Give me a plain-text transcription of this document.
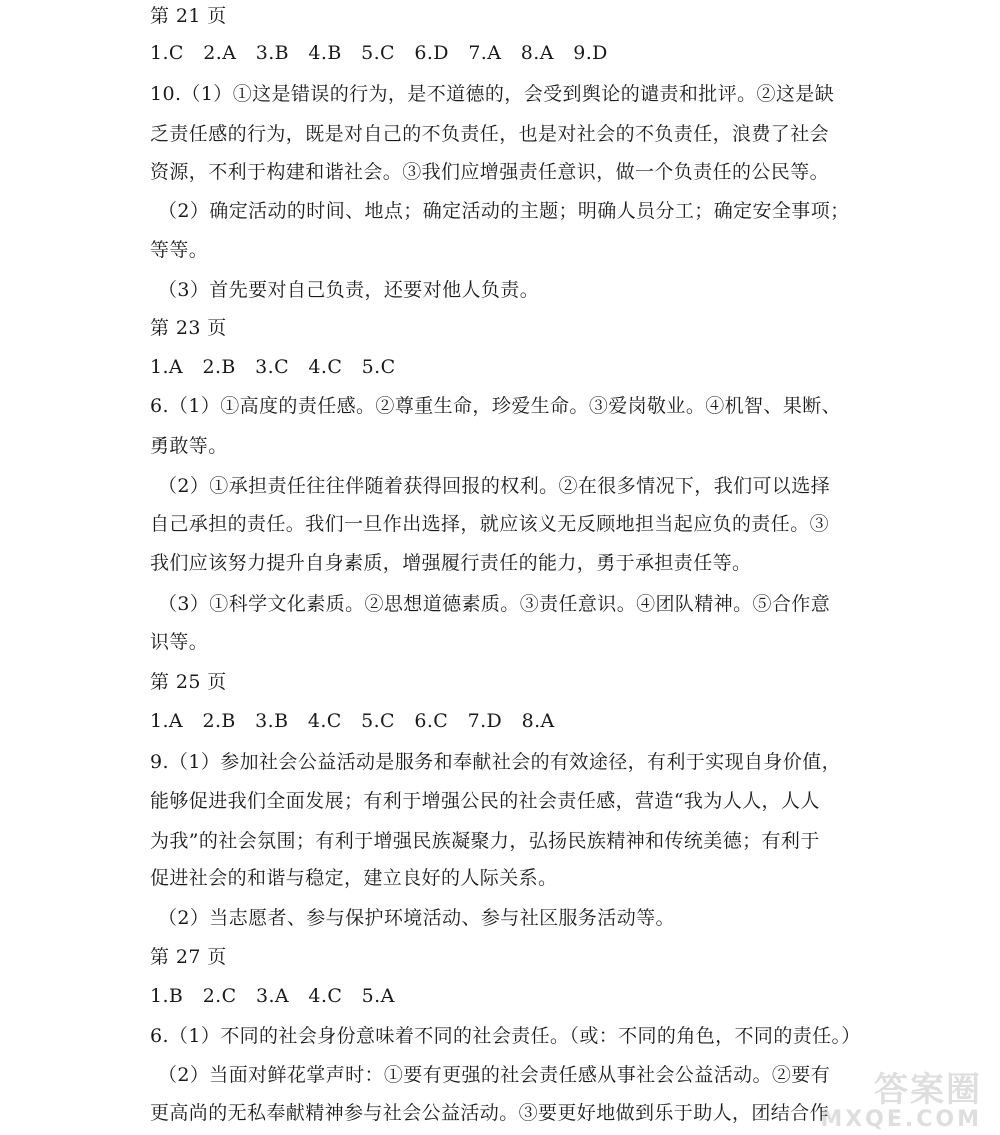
第 21 页
1.C　2.A　3.B　4.B　5.C　6.D　7.A　8.A　9.D
10.（1）①这是错误的行为，是不道德的，会受到舆论的谴责和批评。②这是缺
乏责任感的行为，既是对自己的不负责任，也是对社会的不负责任，浪费了社会
资源，不利于构建和谐社会。③我们应增强责任意识，做一个负责任的公民等。
（2）确定活动的时间、地点；确定活动的主题；明确人员分工；确定安全事项；
等等。
（3）首先要对自己负责，还要对他人负责。
第 23 页
1.A　2.B　3.C　4.C　5.C
6.（1）①高度的责任感。②尊重生命，珍爱生命。③爱岗敬业。④机智、果断、
勇敢等。
（2）①承担责任往往伴随着获得回报的权利。②在很多情况下，我们可以选择
自己承担的责任。我们一旦作出选择，就应该义无反顾地担当起应负的责任。③
我们应该努力提升自身素质，增强履行责任的能力，勇于承担责任等。
（3）①科学文化素质。②思想道德素质。③责任意识。④团队精神。⑤合作意
识等。
第 25 页
1.A　2.B　3.B　4.C　5.C　6.C　7.D　8.A
9.（1）参加社会公益活动是服务和奉献社会的有效途径，有利于实现自身价值，
能够促进我们全面发展；有利于增强公民的社会责任感，营造“我为人人，人人
为我”的社会氛围；有利于增强民族凝聚力，弘扬民族精神和传统美德；有利于
促进社会的和谐与稳定，建立良好的人际关系。
（2）当志愿者、参与保护环境活动、参与社区服务活动等。
第 27 页
1.B　2.C　3.A　4.C　5.A
6.（1）不同的社会身份意味着不同的社会责任。（或：不同的角色，不同的责任。）
（2）当面对鲜花掌声时：①要有更强的社会责任感从事社会公益活动。②要有
更高尚的无私奉献精神参与社会公益活动。③要更好地做到乐于助人，团结合作
答案圈
MXQE.COM
